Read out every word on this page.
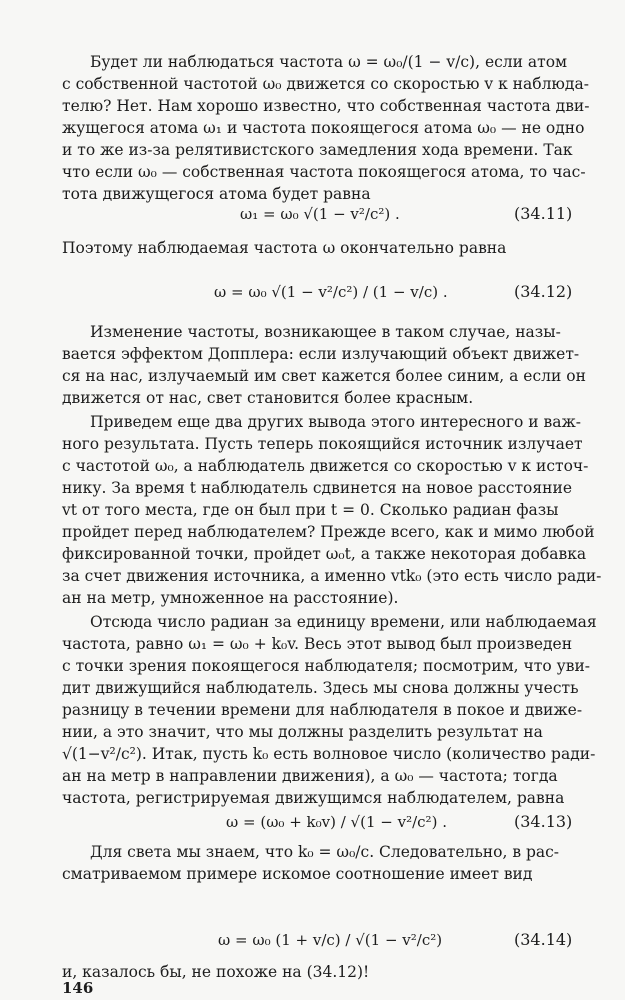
Будет ли наблюдаться частота ω = ω₀/(1 − v/c), если атом
с собственной частотой ω₀ движется со скоростью v к наблюда-
телю? Нет. Нам хорошо известно, что собственная частота дви-
жущегося атома ω₁ и частота покоящегося атома ω₀ — не одно
и то же из-за релятивистского замедления хода времени. Так
что если ω₀ — собственная частота покоящегося атома, то час-
тота движущегося атома будет равна
ω₁ = ω₀ √(1 − v²/c²) .	(34.11)
Поэтому наблюдаемая частота ω окончательно равна
ω = ω₀ √(1 − v²/c²) / (1 − v/c) .	(34.12)
Изменение частоты, возникающее в таком случае, назы-
вается эффектом Допплера: если излучающий объект движет-
ся на нас, излучаемый им свет кажется более синим, а если он
движется от нас, свет становится более красным.
Приведем еще два других вывода этого интересного и важ-
ного результата. Пусть теперь покоящийся источник излучает
с частотой ω₀, а наблюдатель движется со скоростью v к источ-
нику. За время t наблюдатель сдвинется на новое расстояние
vt от того места, где он был при t = 0. Сколько радиан фазы
пройдет перед наблюдателем? Прежде всего, как и мимо любой
фиксированной точки, пройдет ω₀t, а также некоторая добавка
за счет движения источника, а именно vtk₀ (это есть число ради-
ан на метр, умноженное на расстояние).
Отсюда число радиан за единицу времени, или наблюдаемая
частота, равно ω₁ = ω₀ + k₀v. Весь этот вывод был произведен
с точки зрения покоящегося наблюдателя; посмотрим, что уви-
дит движущийся наблюдатель. Здесь мы снова должны учесть
разницу в течении времени для наблюдателя в покое и движе-
нии, а это значит, что мы должны разделить результат на
√(1−v²/c²). Итак, пусть k₀ есть волновое число (количество ради-
ан на метр в направлении движения), а ω₀ — частота; тогда
частота, регистрируемая движущимся наблюдателем, равна
ω = (ω₀ + k₀v) / √(1 − v²/c²) .	(34.13)
Для света мы знаем, что k₀ = ω₀/c. Следовательно, в рас-
сматриваемом примере искомое соотношение имеет вид
ω = ω₀ (1 + v/c) / √(1 − v²/c²)	(34.14)
и, казалось бы, не похоже на (34.12)!
146
